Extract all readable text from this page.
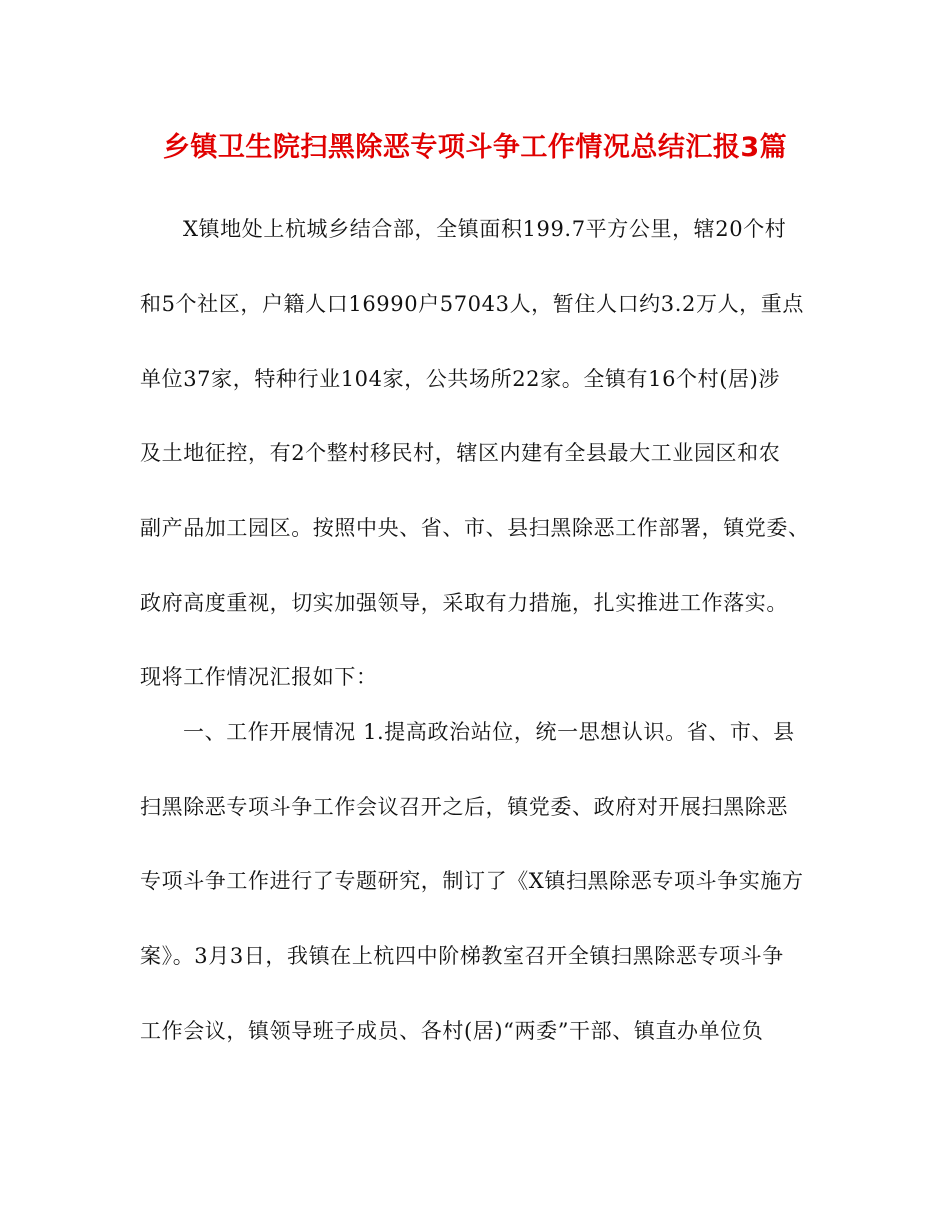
乡镇卫生院扫黑除恶专项斗争工作情况总结汇报3篇

X镇地处上杭城乡结合部，全镇面积199.7平方公里，辖20个村

和5个社区，户籍人口16990户57043人，暂住人口约3.2万人，重点

单位37家，特种行业104家，公共场所22家。全镇有16个村(居)涉

及土地征控，有2个整村移民村，辖区内建有全县最大工业园区和农

副产品加工园区。按照中央、省、市、县扫黑除恶工作部署，镇党委、

政府高度重视，切实加强领导，采取有力措施，扎实推进工作落实。

现将工作情况汇报如下：

一、工作开展情况 1.提高政治站位，统一思想认识。省、市、县

扫黑除恶专项斗争工作会议召开之后，镇党委、政府对开展扫黑除恶

专项斗争工作进行了专题研究，制订了《X镇扫黑除恶专项斗争实施方

案》。3月3日，我镇在上杭四中阶梯教室召开全镇扫黑除恶专项斗争

工作会议，镇领导班子成员、各村(居)“两委”干部、镇直办单位负
